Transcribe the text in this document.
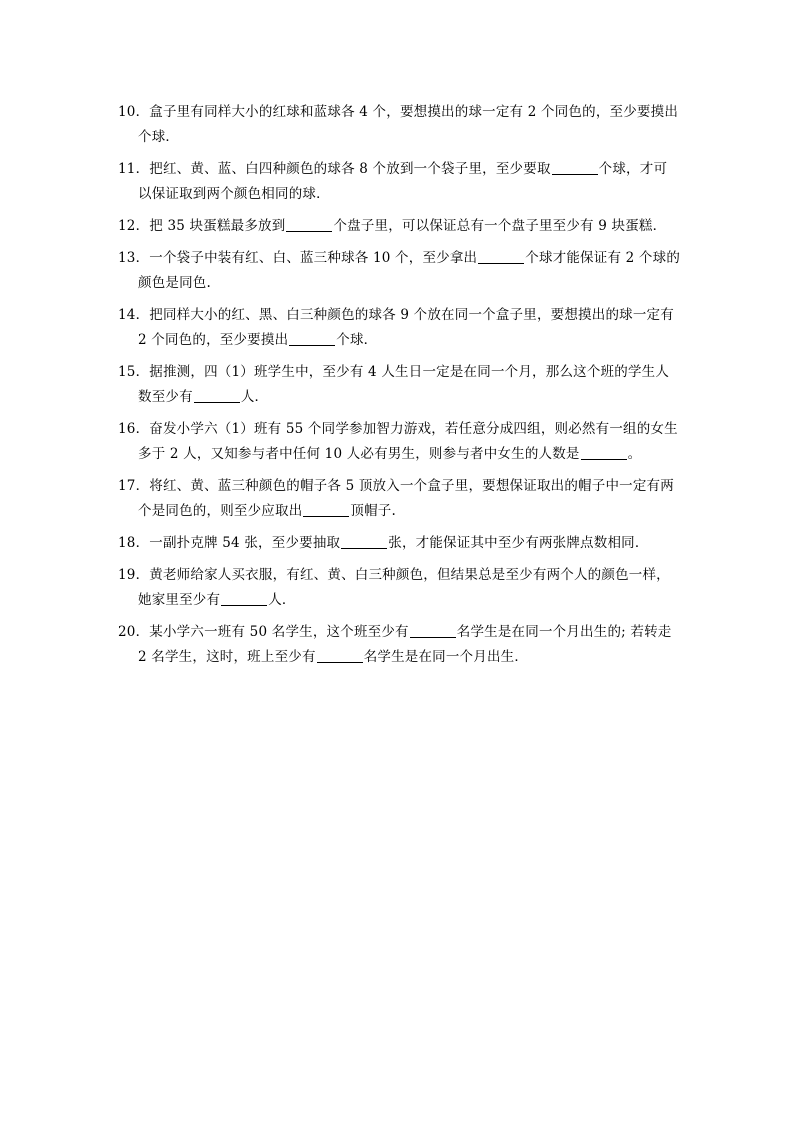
10．盒子里有同样大小的红球和蓝球各 4 个，要想摸出的球一定有 2 个同色的，至少要摸出
个球．
11．把红、黄、蓝、白四种颜色的球各 8 个放到一个袋子里，至少要取	个球，才可
以保证取到两个颜色相同的球．
12．把 35 块蛋糕最多放到	个盘子里，可以保证总有一个盘子里至少有 9 块蛋糕．
13．一个袋子中装有红、白、蓝三种球各 10 个，至少拿出	个球才能保证有 2 个球的
颜色是同色.
14．把同样大小的红、黑、白三种颜色的球各 9 个放在同一个盒子里，要想摸出的球一定有
2 个同色的，至少要摸出	个球．
15．据推测，四（1）班学生中，至少有 4 人生日一定是在同一个月，那么这个班的学生人
数至少有	人．
16．奋发小学六（1）班有 55 个同学参加智力游戏，若任意分成四组，则必然有一组的女生
多于 2 人，又知参与者中任何 10 人必有男生，则参与者中女生的人数是	。
17．将红、黄、蓝三种颜色的帽子各 5 顶放入一个盒子里，要想保证取出的帽子中一定有两
个是同色的，则至少应取出	顶帽子.
18．一副扑克牌 54 张，至少要抽取	张，才能保证其中至少有两张牌点数相同．
19．黄老师给家人买衣服，有红、黄、白三种颜色，但结果总是至少有两个人的颜色一样，
她家里至少有	人．
20．某小学六一班有 50 名学生，这个班至少有	名学生是在同一个月出生的; 若转走
2 名学生，这时，班上至少有	名学生是在同一个月出生．
